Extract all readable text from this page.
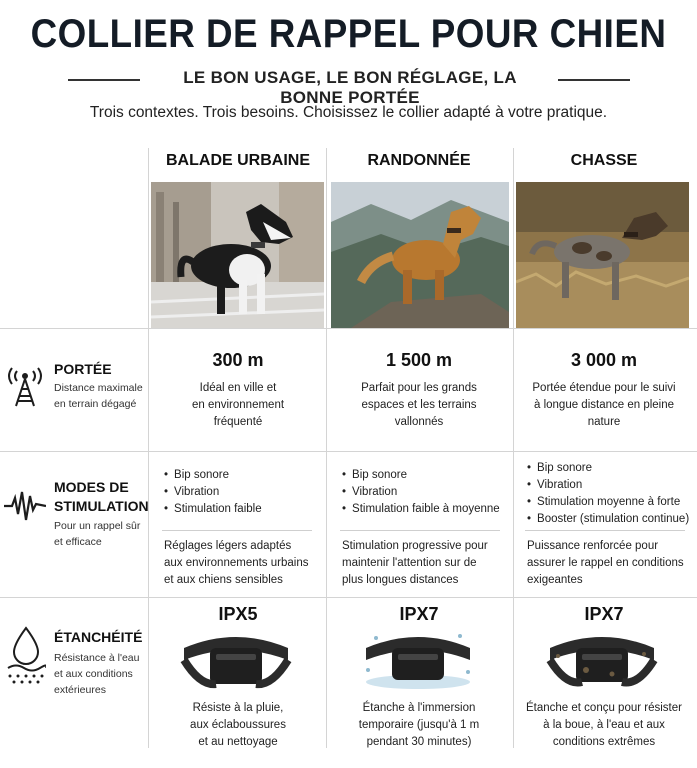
COLLIER DE RAPPEL POUR CHIEN
LE BON USAGE, LE BON RÉGLAGE, LA BONNE PORTÉE
Trois contextes. Trois besoins. Choisissez le collier adapté à votre pratique.
BALADE URBAINE	RANDONNÉE	CHASSE
PORTÉE
Distance maximale
en terrain dégagé
300 m
Idéal en ville et
en environnement
fréquenté
1 500 m
Parfait pour les grands
espaces et les terrains
vallonnés
3 000 m
Portée étendue pour le suivi
à longue distance en pleine
nature
MODES DE
STIMULATION
Pour un rappel sûr
et efficace
• Bip sonore
• Vibration
• Stimulation faible
Réglages légers adaptés
aux environnements urbains
et aux chiens sensibles
• Bip sonore
• Vibration
• Stimulation faible à moyenne
Stimulation progressive pour
maintenir l'attention sur de
plus longues distances
• Bip sonore
• Vibration
• Stimulation moyenne à forte
• Booster (stimulation continue)
Puissance renforcée pour
assurer le rappel en conditions
exigeantes
ÉTANCHÉITÉ
Résistance à l'eau
et aux conditions
extérieures
IPX5
Résiste à la pluie,
aux éclaboussures
et au nettoyage
IPX7
Étanche à l'immersion
temporaire (jusqu'à 1 m
pendant 30 minutes)
IPX7
Étanche et conçu pour résister
à la boue, à l'eau et aux
conditions extrêmes
